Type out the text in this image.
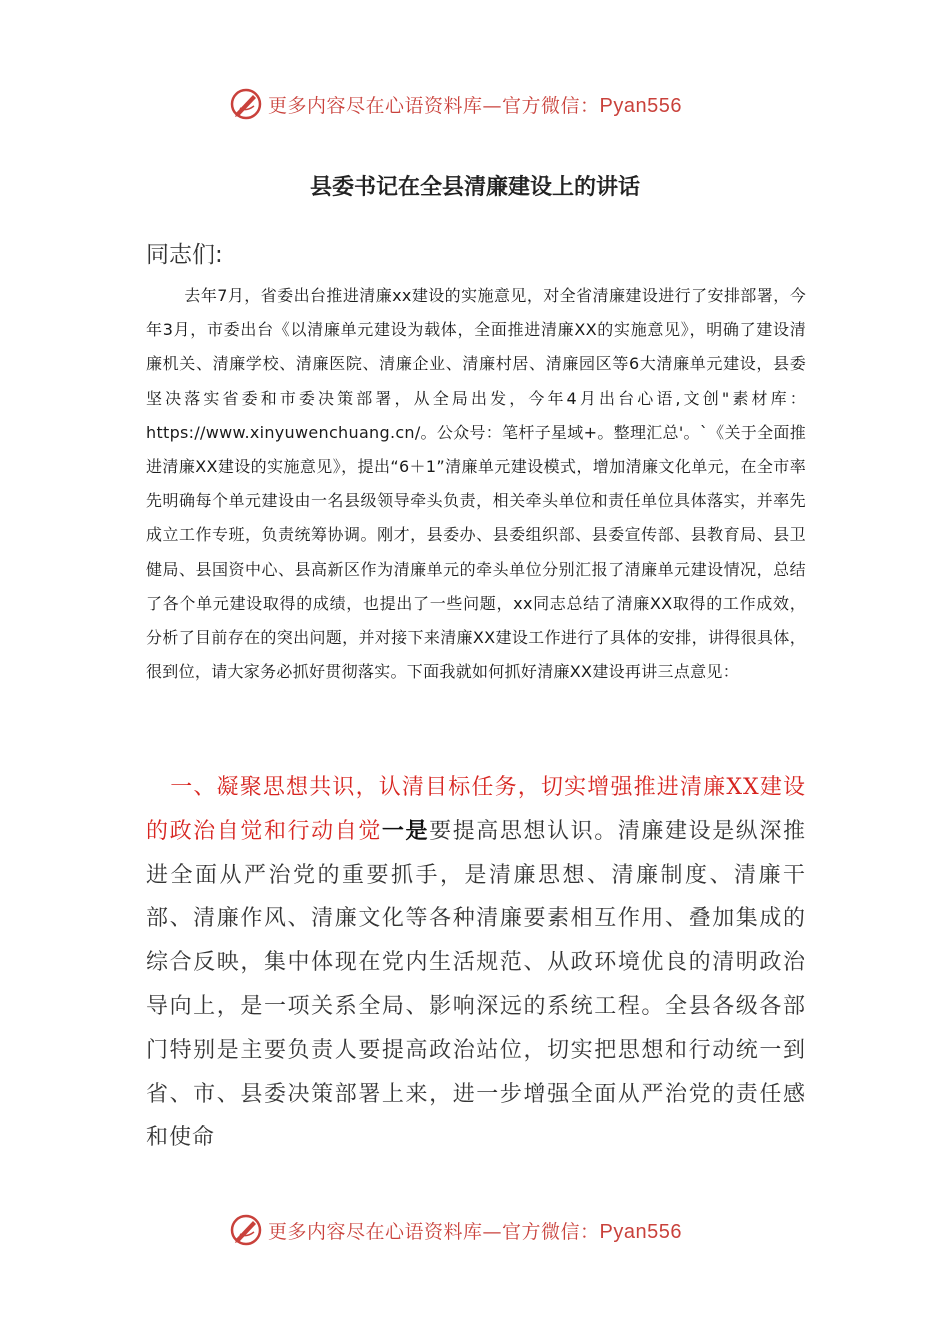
更多内容尽在心语资料库—官方微信：Pyan556
县委书记在全县清廉建设上的讲话
同志们:
去年7月，省委出台推进清廉xx建设的实施意见，对全省清廉建设进行了安排部署，今年3月，市委出台《以清廉单元建设为载体，全面推进清廉XX的实施意见》，明确了建设清廉机关、清廉学校、清廉医院、清廉企业、清廉村居、清廉园区等6大清廉单元建设，县委坚决落实省委和市委决策部署，从全局出发，今年4月出台心语,文创"素材库：https://www.xinyuwenchuang.cn/。公众号：笔杆子星域+。整理汇总'。`《关于全面推进清廉XX建设的实施意见》，提出“6＋1”清廉单元建设模式，增加清廉文化单元，在全市率先明确每个单元建设由一名县级领导牵头负责，相关牵头单位和责任单位具体落实，并率先成立工作专班，负责统筹协调。刚才，县委办、县委组织部、县委宣传部、县教育局、县卫健局、县国资中心、县高新区作为清廉单元的牵头单位分别汇报了清廉单元建设情况，总结了各个单元建设取得的成绩，也提出了一些问题，xx同志总结了清廉XX取得的工作成效，分析了目前存在的突出问题，并对接下来清廉XX建设工作进行了具体的安排，讲得很具体，很到位，请大家务必抓好贯彻落实。下面我就如何抓好清廉XX建设再讲三点意见：
一、凝聚思想共识，认清目标任务，切实增强推进清廉XX建设的政治自觉和行动自觉一是要提高思想认识。清廉建设是纵深推进全面从严治党的重要抓手，是清廉思想、清廉制度、清廉干部、清廉作风、清廉文化等各种清廉要素相互作用、叠加集成的综合反映，集中体现在党内生活规范、从政环境优良的清明政治导向上，是一项关系全局、影响深远的系统工程。全县各级各部门特别是主要负责人要提高政治站位，切实把思想和行动统一到省、市、县委决策部署上来，进一步增强全面从严治党的责任感和使命
更多内容尽在心语资料库—官方微信：Pyan556
